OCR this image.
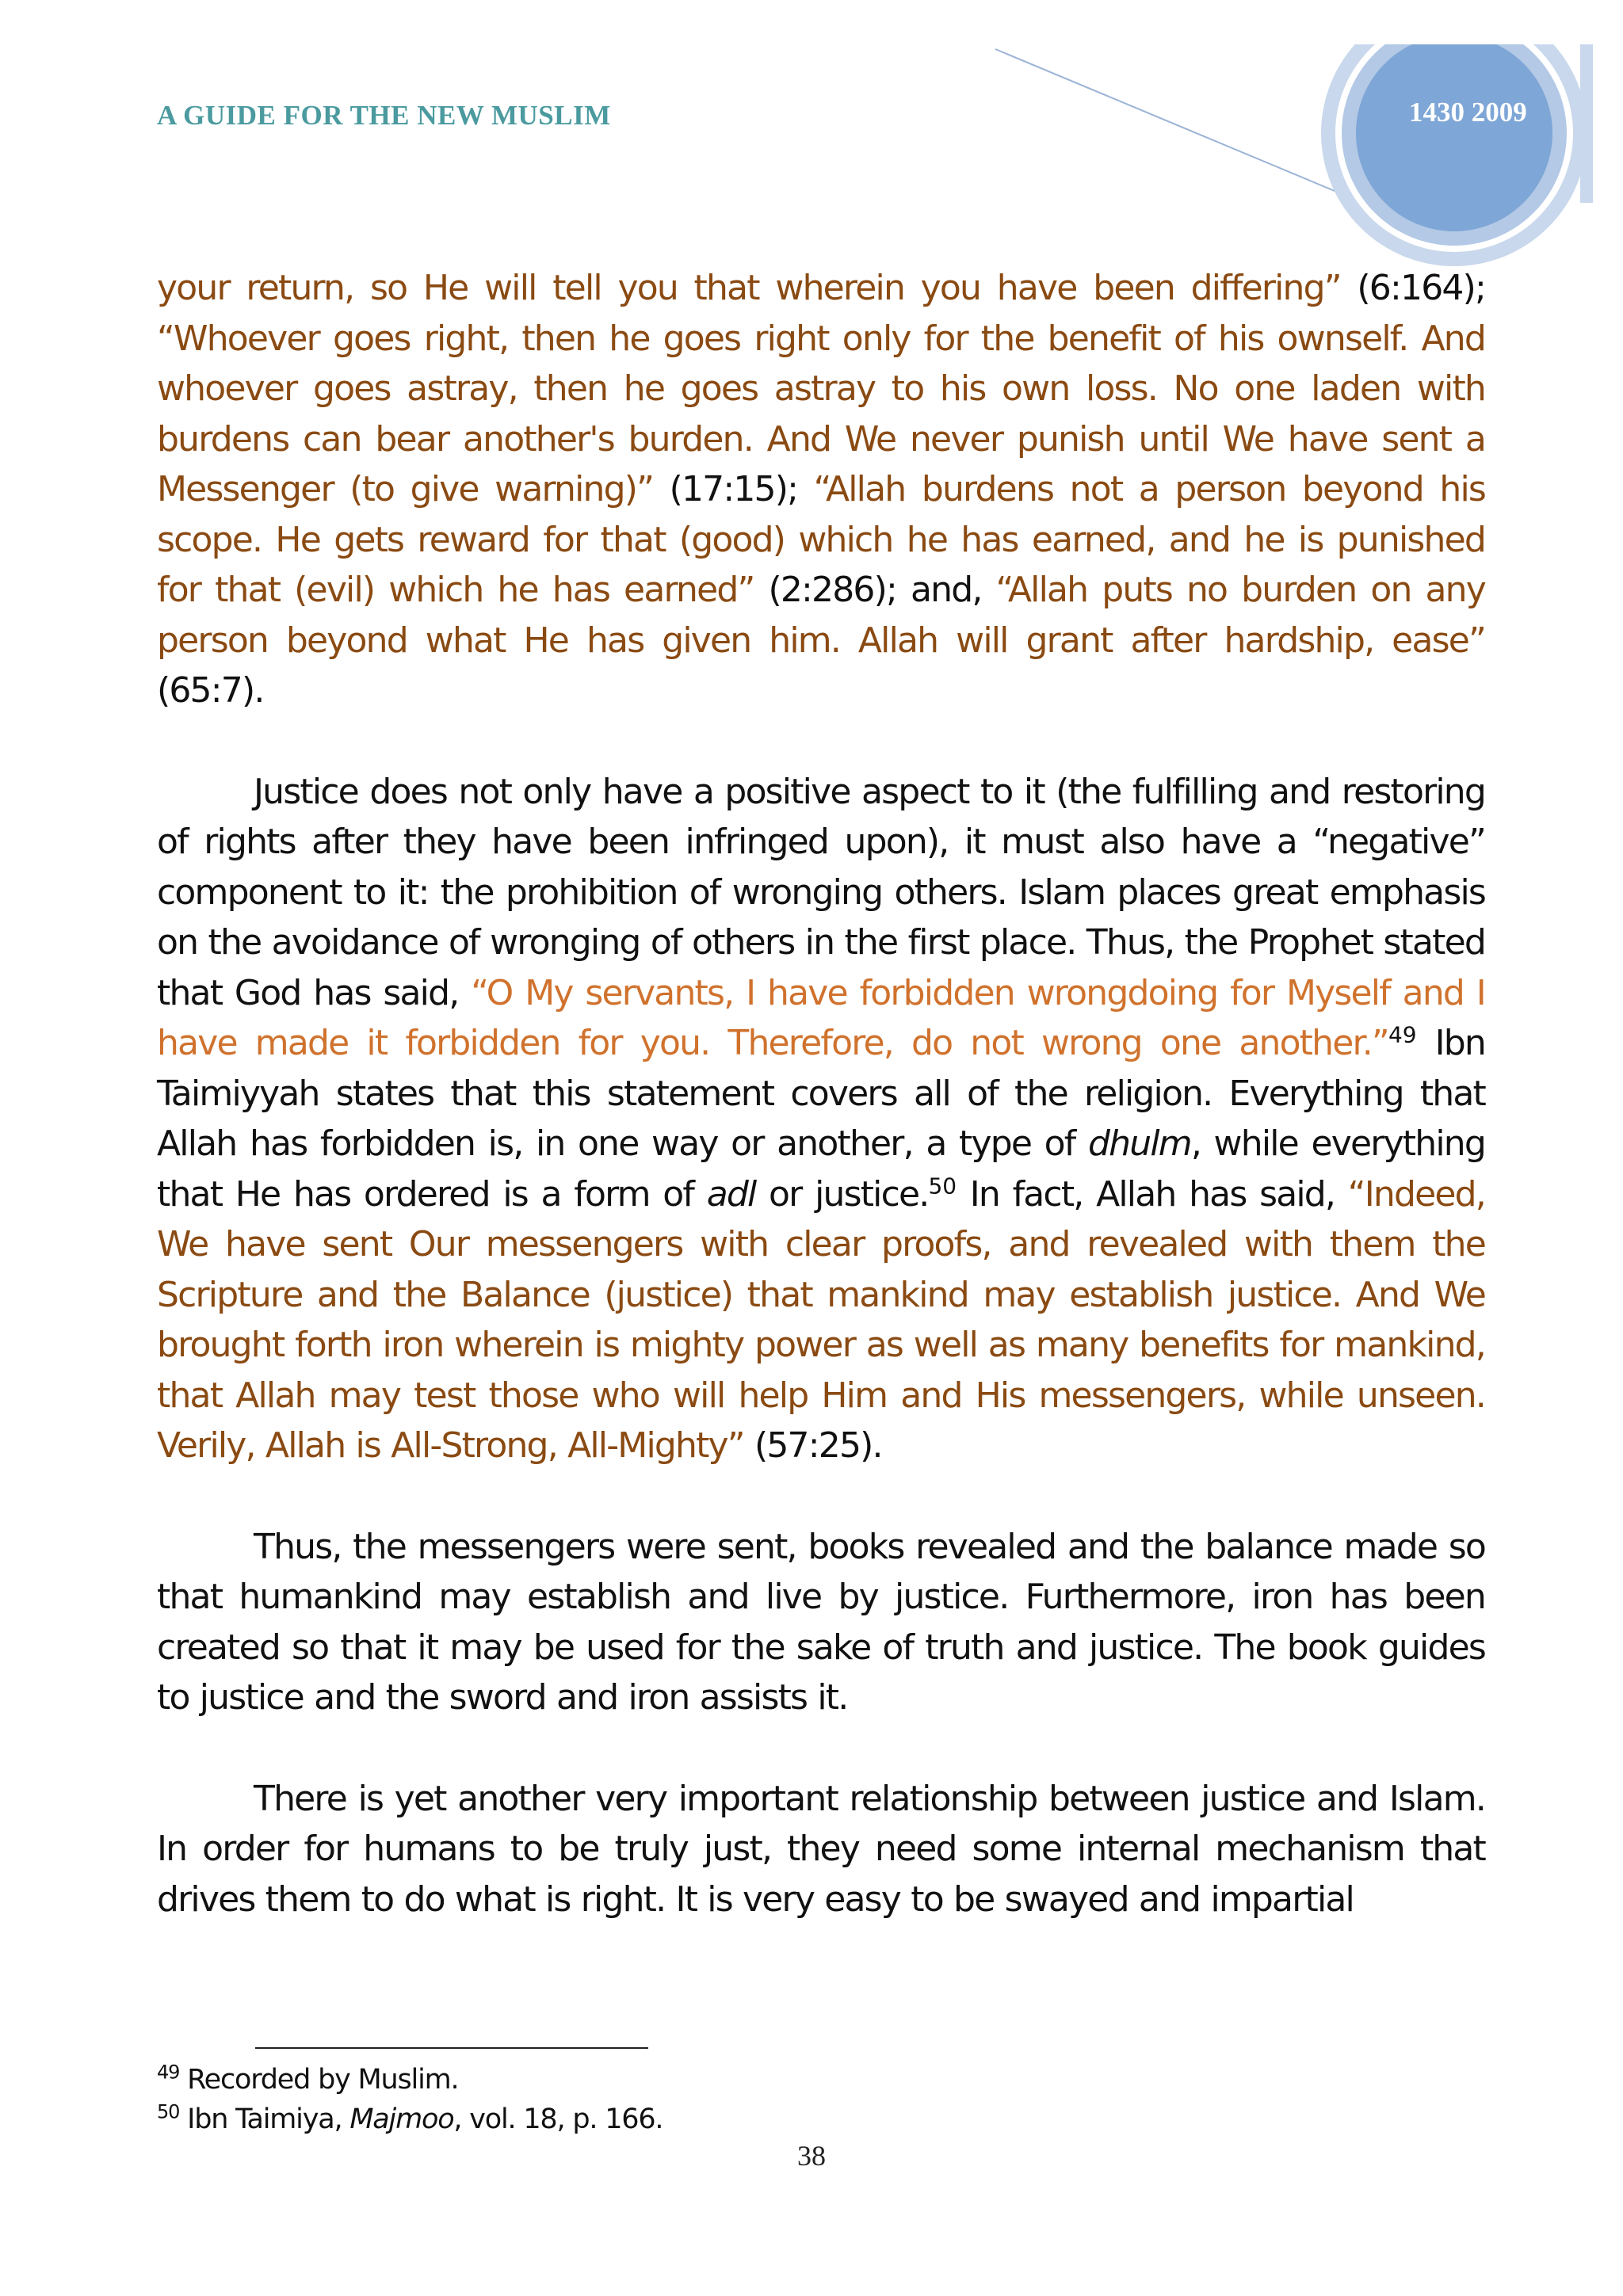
A GUIDE FOR THE NEW MUSLIM	1430 2009

your return, so He will tell you that wherein you have been differing” (6:164); “Whoever goes right, then he goes right only for the benefit of his ownself. And whoever goes astray, then he goes astray to his own loss. No one laden with burdens can bear another's burden. And We never punish until We have sent a Messenger (to give warning)” (17:15); “Allah burdens not a person beyond his scope. He gets reward for that (good) which he has earned, and he is punished for that (evil) which he has earned” (2:286); and, “Allah puts no burden on any person beyond what He has given him. Allah will grant after hardship, ease” (65:7).

Justice does not only have a positive aspect to it (the fulfilling and restoring of rights after they have been infringed upon), it must also have a “negative” component to it: the prohibition of wronging others. Islam places great emphasis on the avoidance of wronging of others in the first place. Thus, the Prophet stated that God has said, “O My servants, I have forbidden wrongdoing for Myself and I have made it forbidden for you. Therefore, do not wrong one another.”$^{49}$ Ibn Taimiyyah states that this statement covers all of the religion. Everything that Allah has forbidden is, in one way or another, a type of dhulm, while everything that He has ordered is a form of adl or justice.$^{50}$ In fact, Allah has said, “Indeed, We have sent Our messengers with clear proofs, and revealed with them the Scripture and the Balance (justice) that mankind may establish justice. And We brought forth iron wherein is mighty power as well as many benefits for mankind, that Allah may test those who will help Him and His messengers, while unseen. Verily, Allah is All-Strong, All-Mighty” (57:25).

Thus, the messengers were sent, books revealed and the balance made so that humankind may establish and live by justice. Furthermore, iron has been created so that it may be used for the sake of truth and justice. The book guides to justice and the sword and iron assists it.

There is yet another very important relationship between justice and Islam. In order for humans to be truly just, they need some internal mechanism that drives them to do what is right. It is very easy to be swayed and impartial

$^{49}$ Recorded by Muslim.
$^{50}$ Ibn Taimiya, Majmoo, vol. 18, p. 166.
38
